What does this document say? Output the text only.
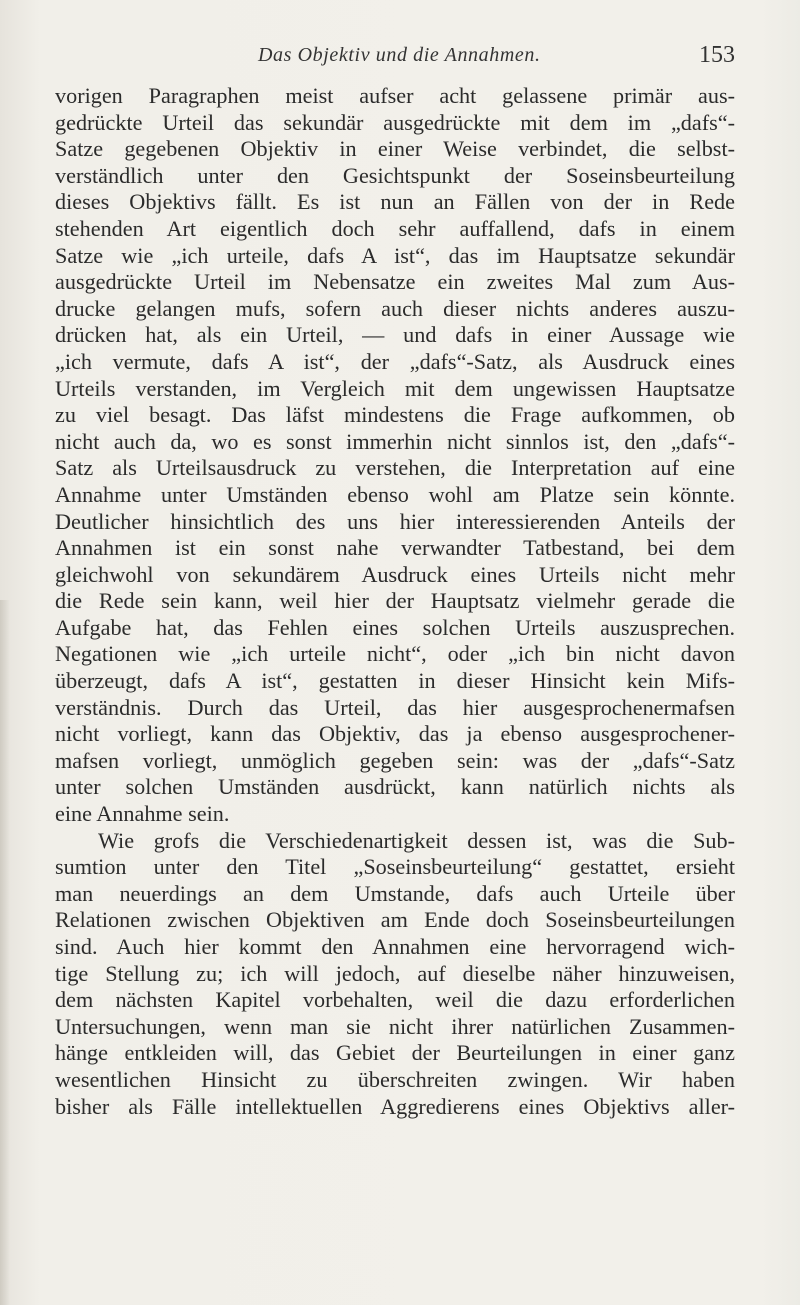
Das Objektiv und die Annahmen.	153
vorigen Paragraphen meist aufser acht gelassene primär aus-
gedrückte Urteil das sekundär ausgedrückte mit dem im „dafs“-
Satze gegebenen Objektiv in einer Weise verbindet, die selbst-
verständlich unter den Gesichtspunkt der Soseinsbeurteilung
dieses Objektivs fällt. Es ist nun an Fällen von der in Rede
stehenden Art eigentlich doch sehr auffallend, dafs in einem
Satze wie „ich urteile, dafs A ist“, das im Hauptsatze sekundär
ausgedrückte Urteil im Nebensatze ein zweites Mal zum Aus-
drucke gelangen mufs, sofern auch dieser nichts anderes auszu-
drücken hat, als ein Urteil, — und dafs in einer Aussage wie
„ich vermute, dafs A ist“, der „dafs“-Satz, als Ausdruck eines
Urteils verstanden, im Vergleich mit dem ungewissen Hauptsatze
zu viel besagt. Das läfst mindestens die Frage aufkommen, ob
nicht auch da, wo es sonst immerhin nicht sinnlos ist, den „dafs“-
Satz als Urteilsausdruck zu verstehen, die Interpretation auf eine
Annahme unter Umständen ebenso wohl am Platze sein könnte.
Deutlicher hinsichtlich des uns hier interessierenden Anteils der
Annahmen ist ein sonst nahe verwandter Tatbestand, bei dem
gleichwohl von sekundärem Ausdruck eines Urteils nicht mehr
die Rede sein kann, weil hier der Hauptsatz vielmehr gerade die
Aufgabe hat, das Fehlen eines solchen Urteils auszusprechen.
Negationen wie „ich urteile nicht“, oder „ich bin nicht davon
überzeugt, dafs A ist“, gestatten in dieser Hinsicht kein Mifs-
verständnis. Durch das Urteil, das hier ausgesprochenermafsen
nicht vorliegt, kann das Objektiv, das ja ebenso ausgesprochener-
mafsen vorliegt, unmöglich gegeben sein: was der „dafs“-Satz
unter solchen Umständen ausdrückt, kann natürlich nichts als
eine Annahme sein.
Wie grofs die Verschiedenartigkeit dessen ist, was die Sub-
sumtion unter den Titel „Soseinsbeurteilung“ gestattet, ersieht
man neuerdings an dem Umstande, dafs auch Urteile über
Relationen zwischen Objektiven am Ende doch Soseinsbeurteilungen
sind. Auch hier kommt den Annahmen eine hervorragend wich-
tige Stellung zu; ich will jedoch, auf dieselbe näher hinzuweisen,
dem nächsten Kapitel vorbehalten, weil die dazu erforderlichen
Untersuchungen, wenn man sie nicht ihrer natürlichen Zusammen-
hänge entkleiden will, das Gebiet der Beurteilungen in einer ganz
wesentlichen Hinsicht zu überschreiten zwingen. Wir haben
bisher als Fälle intellektuellen Aggredierens eines Objektivs aller-
